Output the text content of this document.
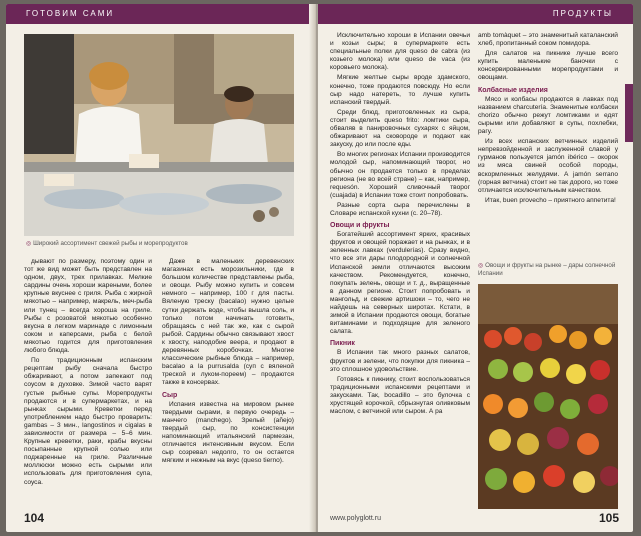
ГОТОВИМ САМИ
◎ Широкий ассортимент свежей рыбы и морепродуктов

дывают по размеру, поэтому один и тот же вид может быть представлен на одном, двух, трех прилавках. Мелкие сардины очень хороши жареными, более крупные вкуснее с гриля. Рыба с жирной мякотью – например, макрель, меч-рыба или тунец – всегда хороша на гриле. Рыбы с розоватой мякотью особенно вкусна в легком маринаде с лимонным соком и каперсами, рыба с белой мякотью годится для приготовления любого блюда.

По традиционным испанским рецептам рыбу сначала быстро обжаривают, а потом запекают под соусом в духовке. Зимой часто варят густые рыбные супы. Морепродукты продаются и в супермаркетах, и на рынках сырыми. Креветки перед употреблением надо быстро проварить: gambas – 3 мин., langostinos и cigalas в зависимости от размера – 5–6 мин. Крупные креветки, раки, крабы вкусны посыпанные крупной солью или поджаренные на гриле. Различные моллюски можно есть сырыми или использовать для приготовления супа, соуса.

Даже в маленьких деревенских магазинах есть морозильники, где в большом количестве представлены рыба, и овощи. Рыбу можно купить и совсем немного – например, 100 г для пасты. Вяленую треску (bacalao) нужно целые сутки держать воде, чтобы вышла соль, и только потом начинать готовить, обращаясь с ней так же, как с сырой рыбой. Сардины обычно связывают хвост к хвосту, наподобие веера, и продают в деревянных коробочках. Многие классические рыбные блюда – например, bacalao a la purrusalda (суп с вяленой треской и луком-пореем) – продаются также в консервах.

Сыр

Испания известна на мировом рынке твердыми сырами, в первую очередь – манчего (manchego). Зрелый (añejo) твердый сыр, по консистенции напоминающий итальянский пармезан, отличается интенсивным вкусом. Если сыр созревал недолго, то он остается мягким и нежным на вкус (queso tierno).

104
ПРОДУКТЫ

Исключительно хороши в Испании овечьи и козьи сыры; в супермаркете есть специальные полки для queso de cabra (из козьего молока) или queso de vaca (из коровьего молока).

Мягкие желтые сыры вроде здамского, конечно, тоже продаются повсюду. Но если сыр надо натереть, то лучше купить испанский твердый.

Среди блюд, приготовленных из сыра, стоит выделить queso frito: ломтики сыра, обваляв в панировочных сухарях с яйцом, обжаривают на сковороде и подают как закуску, до или после еды.

Во многих регионах Испании производится молодой сыр, напоминающий творог, но обычно он продается только в пределах региона (не во всей стране) – как, например, requesón. Хороший сливочный творог (cuajada) в Испании тоже стоит попробовать.

Разные сорта сыра перечислены в Словаре испанской кухни (с. 20–78).

Овощи и фрукты

Богатейший ассортимент ярких, красивых фруктов и овощей поражает и на рынках, и в зеленных лавках (verdulerías). Сразу видно, что все эти дары плодородной и солнечной Испанской земли отличаются высоким качеством. Рекомендуется, конечно, покупать зелень, овощи и т. д., выращенные в данном регионе. Стоит попробовать и мангольд, и свежие артишоки – то, чего не найдешь на северных широтах. Кстати, в зимой в Испании продаются овощи, богатые витаминами и подходящие для зеленого салата.

Пикник

В Испании так много разных салатов, фруктов и зелени, что покупки для пикника – это сплошное удовольствие.

Готовясь к пикнику, стоит воспользоваться традиционными испанскими рецептами и закусками. Так, bocadillo – это булочка с хрустящей корочкой, сбрызнутая оливковым маслом, с ветчиной или сыром. А pa

amb tomàquet – это знаменитый каталанский хлеб, пропитанный соком помидора.

Для салатов на пикнике лучше всего купить маленькие баночки с консервированными морепродуктами и овощами.

Колбасные изделия

Мясо и колбасы продаются в лавках под названием charcutería. Знаменитые колбаски chorizo обычно режут ломтиками и едят сырыми или добавляют в супы, похлебки, рагу.

Из всех испанских ветчинных изделий непревзойденной и заслуженной славой у гурманов пользуется jamón ibérico – окорок из мяса свиней особой породы, вскормленных желудями. А jamón serrano (горная ветчина) стоит не так дорого, но тоже отличается исключительным качеством.

Итак, buen provecho – приятного аппетита!

◎ Овощи и фрукты на рынке – дары солнечной Испании
www.polyglott.ru	105
